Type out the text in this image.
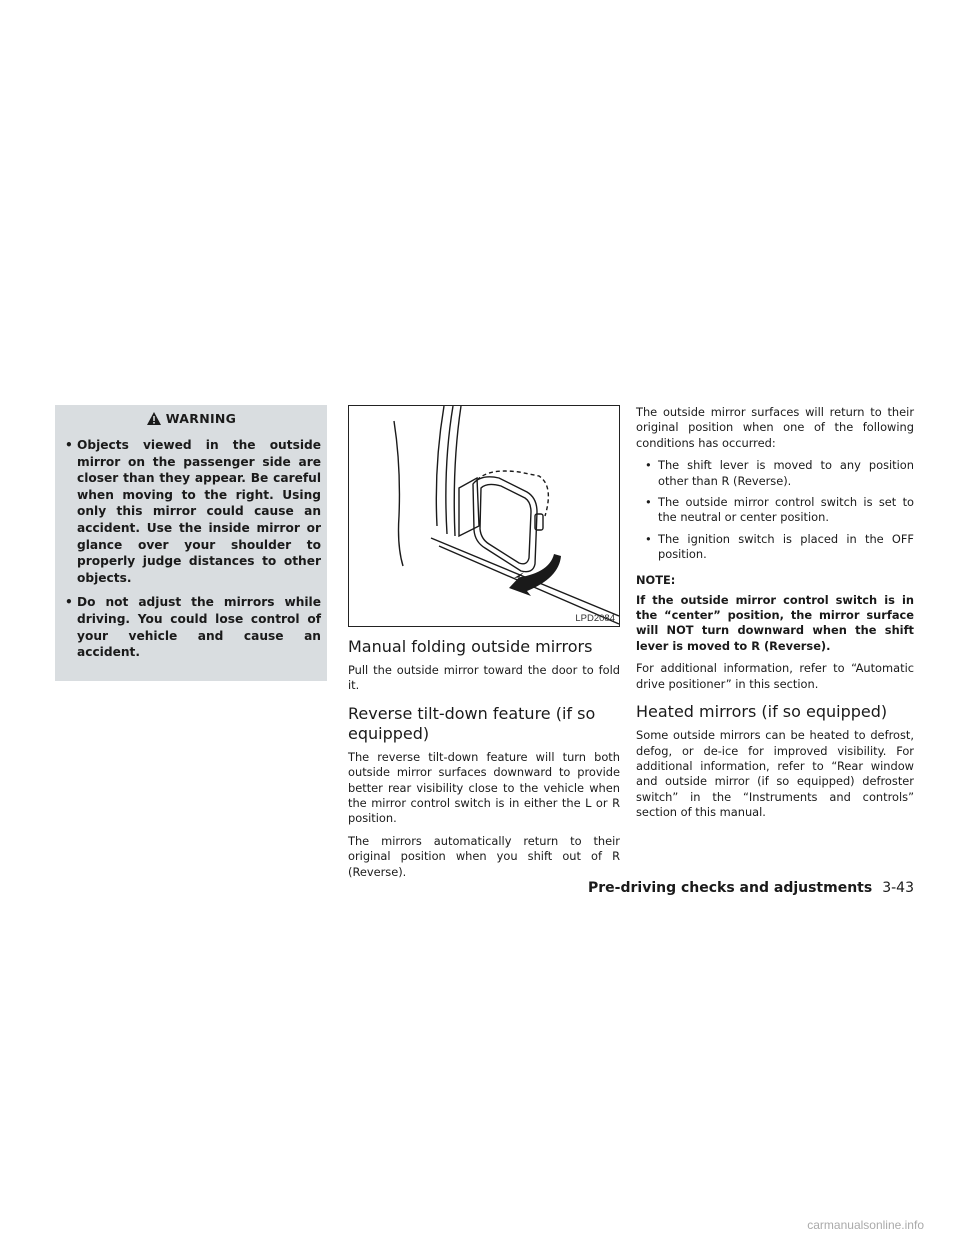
WARNING
• Objects viewed in the outside mirror on the passenger side are closer than they appear. Be careful when moving to the right. Using only this mirror could cause an accident. Use the inside mirror or glance over your shoulder to properly judge distances to other objects.
• Do not adjust the mirrors while driving. You could lose control of your vehicle and cause an accident.
LPD2084
Manual folding outside mirrors

Pull the outside mirror toward the door to fold it.

Reverse tilt-down feature (if so equipped)

The reverse tilt-down feature will turn both outside mirror surfaces downward to provide better rear visibility close to the vehicle when the mirror control switch is in either the L or R position.

The mirrors automatically return to their original position when you shift out of R (Reverse).

The outside mirror surfaces will return to their original position when one of the following conditions has occurred:

• The shift lever is moved to any position other than R (Reverse).
• The outside mirror control switch is set to the neutral or center position.
• The ignition switch is placed in the OFF position.
NOTE:

If the outside mirror control switch is in the “center” position, the mirror surface will NOT turn downward when the shift lever is moved to R (Reverse).

For additional information, refer to “Automatic drive positioner” in this section.

Heated mirrors (if so equipped)

Some outside mirrors can be heated to defrost, defog, or de-ice for improved visibility. For additional information, refer to “Rear window and outside mirror (if so equipped) defroster switch” in the “Instruments and controls” section of this manual.

Pre-driving checks and adjustments 3-43
carmanualsonline.info
